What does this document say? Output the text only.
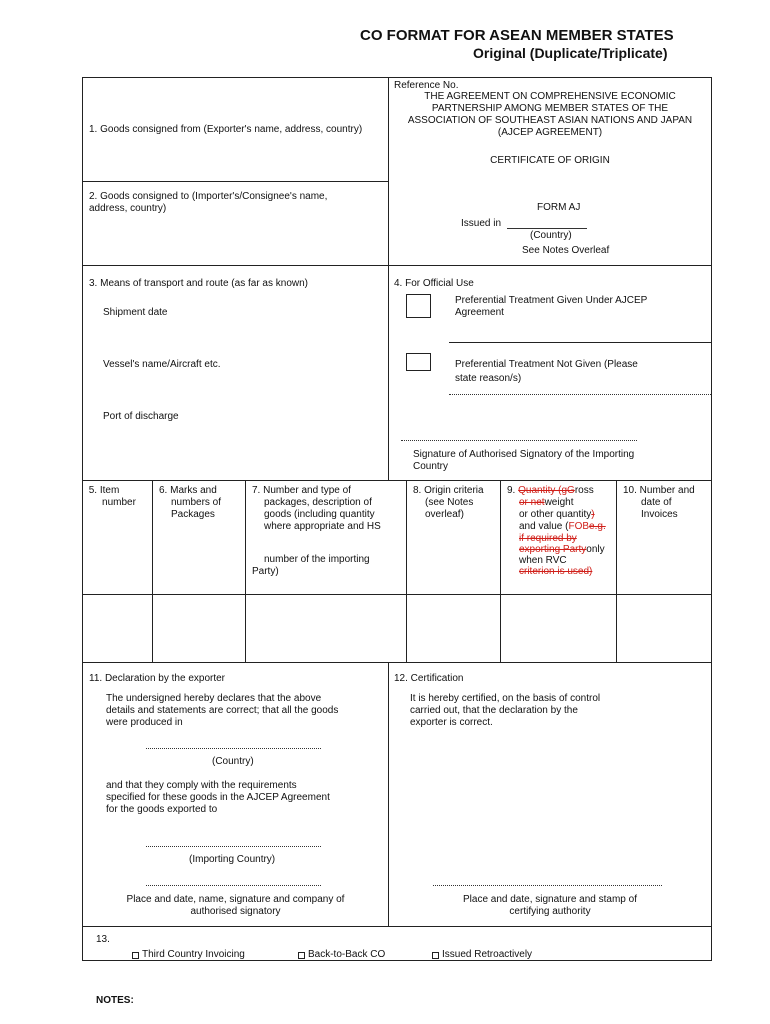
CO FORMAT FOR ASEAN MEMBER STATES
Original (Duplicate/Triplicate)
1. Goods consigned from (Exporter's name, address, country)
2. Goods consigned to (Importer's/Consignee's name,
address, country)
Reference No.
THE AGREEMENT ON COMPREHENSIVE ECONOMIC
PARTNERSHIP AMONG MEMBER STATES OF THE
ASSOCIATION OF SOUTHEAST ASIAN NATIONS AND JAPAN
(AJCEP AGREEMENT)
CERTIFICATE OF ORIGIN
FORM AJ
Issued in
(Country)
See Notes Overleaf
3. Means of transport and route (as far as known)
Shipment date
Vessel's name/Aircraft etc.
Port of discharge
4. For Official Use
Preferential Treatment Given Under AJCEP
Agreement
Preferential Treatment Not Given (Please
state reason/s)
Signature of Authorised Signatory of the Importing
Country
5. Item
number
6. Marks and
numbers of
Packages
7. Number and type of
packages, description of
goods (including quantity
where appropriate and HS
number of the importing
Party)
8. Origin criteria
(see Notes
overleaf)
9. Quantity (gGross
or netweight
or other quantity)
and value (FOBe.g.
if required by
exporting Partyonly
when RVC
criterion is used)
10. Number and
date of
Invoices
11. Declaration by the exporter
The undersigned hereby declares that the above
details and statements are correct; that all the goods
were produced in
(Country)
and that they comply with the requirements
specified for these goods in the AJCEP Agreement
for the goods exported to
(Importing Country)
Place and date, name, signature and company of
authorised signatory
12. Certification
It is hereby certified, on the basis of control
carried out, that the declaration by the
exporter is correct.
Place and date, signature and stamp of
certifying authority
13.
Third Country Invoicing	Back-to-Back CO	Issued Retroactively
NOTES:
